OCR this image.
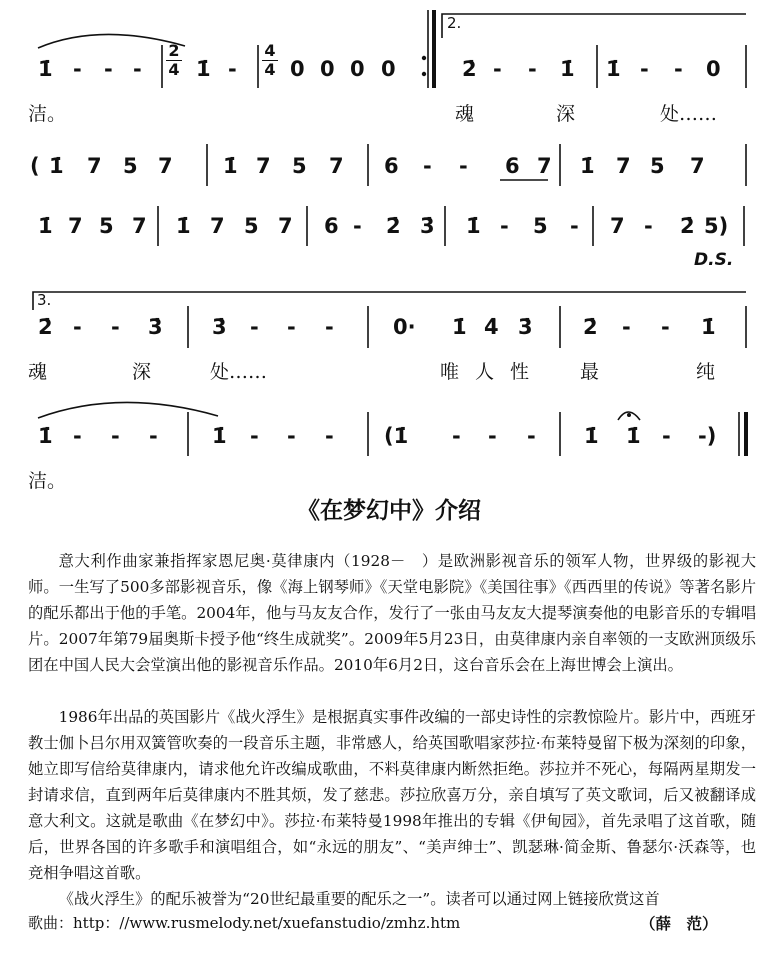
1̇ - - -	1̇ -	0 0 0 0	2̇ - - 1̇ 1̇ - - 0
( 1̇ 7 5 7 1̇ 7 5 7 6 - - 6 7 1̇ 7 5 7
1̇ 7 5 7 1̇ 7 5 7 6 - 2̇ 3̇ 1̇ - 5 - 7 - 2̇ 5)
2̇ - - 3̇ 3̇ - - -	0· 1̇ 4̇ 3̇ 2̇ - - 1̇
1̇ - - -	1̇ - - - (1̇ - - - 1̇ 1̇ - -)
2.
3.
D.S.
洁。	魂	深	处……
魂	深	处……	唯 人 性	最	纯
洁。
2
4
4
4
《在梦幻中》介绍
意大利作曲家兼指挥家恩尼奥·莫律康内（1928－　）是欧洲影视音乐的领军人物，世界级的影视大师。一生写了500多部影视音乐，像《海上钢琴师》《天堂电影院》《美国往事》《西西里的传说》等著名影片的配乐都出于他的手笔。2004年，他与马友友合作，发行了一张由马友友大提琴演奏他的电影音乐的专辑唱片。2007年第79届奥斯卡授予他“终生成就奖”。2009年5月23日，由莫律康内亲自率领的一支欧洲顶级乐团在中国人民大会堂演出他的影视音乐作品。2010年6月2日，这台音乐会在上海世博会上演出。
1986年出品的英国影片《战火浮生》是根据真实事件改编的一部史诗性的宗教惊险片。影片中，西班牙教士伽卜吕尔用双簧管吹奏的一段音乐主题，非常感人，给英国歌唱家莎拉·布莱特曼留下极为深刻的印象，她立即写信给莫律康内，请求他允许改编成歌曲，不料莫律康内断然拒绝。莎拉并不死心，每隔两星期发一封请求信，直到两年后莫律康内不胜其烦，发了慈悲。莎拉欣喜万分，亲自填写了英文歌词，后又被翻译成意大利文。这就是歌曲《在梦幻中》。莎拉·布莱特曼1998年推出的专辑《伊甸园》，首先录唱了这首歌，随后，世界各国的许多歌手和演唱组合，如“永远的朋友”、“美声绅士”、凯瑟琳·简金斯、鲁瑟尔·沃森等，也竞相争唱这首歌。
《战火浮生》的配乐被誉为“20世纪最重要的配乐之一”。读者可以通过网上链接欣赏这首
歌曲：http：//www.rusmelody.net/xuefanstudio/zmhz.htm	（薛　范）
